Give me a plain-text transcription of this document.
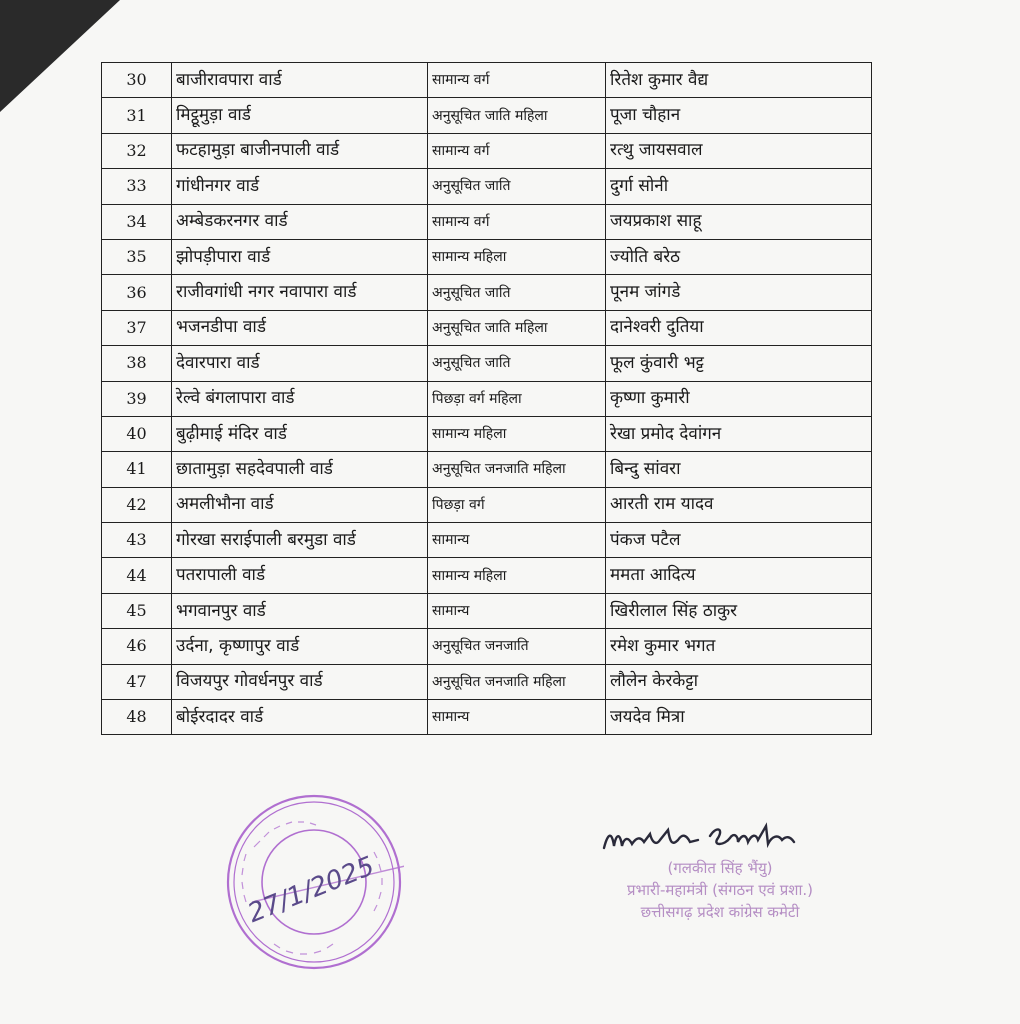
30	बाजीरावपारा वार्ड	सामान्य वर्ग	रितेश कुमार वैद्य
31	मिट्ठूमुड़ा वार्ड	अनुसूचित जाति महिला	पूजा चौहान
32	फटहामुड़ा बाजीनपाली वार्ड	सामान्य वर्ग	रत्थु जायसवाल
33	गांधीनगर वार्ड	अनुसूचित जाति	दुर्गा सोनी
34	अम्बेडकरनगर वार्ड	सामान्य वर्ग	जयप्रकाश साहू
35	झोपड़ीपारा वार्ड	सामान्य महिला	ज्योति बरेठ
36	राजीवगांधी नगर नवापारा वार्ड	अनुसूचित जाति	पूनम जांगडे
37	भजनडीपा वार्ड	अनुसूचित जाति महिला	दानेश्वरी दुतिया
38	देवारपारा वार्ड	अनुसूचित जाति	फूल कुंवारी भट्ट
39	रेल्वे बंगलापारा वार्ड	पिछड़ा वर्ग महिला	कृष्णा कुमारी
40	बुढ़ीमाई मंदिर वार्ड	सामान्य महिला	रेखा प्रमोद देवांगन
41	छातामुड़ा सहदेवपाली वार्ड	अनुसूचित जनजाति महिला	बिन्दु सांवरा
42	अमलीभौना वार्ड	पिछड़ा वर्ग	आरती राम यादव
43	गोरखा सराईपाली बरमुडा वार्ड	सामान्य	पंकज पटैल
44	पतरापाली वार्ड	सामान्य महिला	ममता आदित्य
45	भगवानपुर वार्ड	सामान्य	खिरीलाल सिंह ठाकुर
46	उर्दना, कृष्णापुर वार्ड	अनुसूचित जनजाति	रमेश कुमार भगत
47	विजयपुर गोवर्धनपुर वार्ड	अनुसूचित जनजाति महिला	लौलेन केरकेट्टा
48	बोईरदादर वार्ड	सामान्य	जयदेव मित्रा
27/1/2025	(गलकीत सिंह भैंयु)
प्रभारी-महामंत्री (संगठन एवं प्रशा.)
छत्तीसगढ़ प्रदेश कांग्रेस कमेटी
